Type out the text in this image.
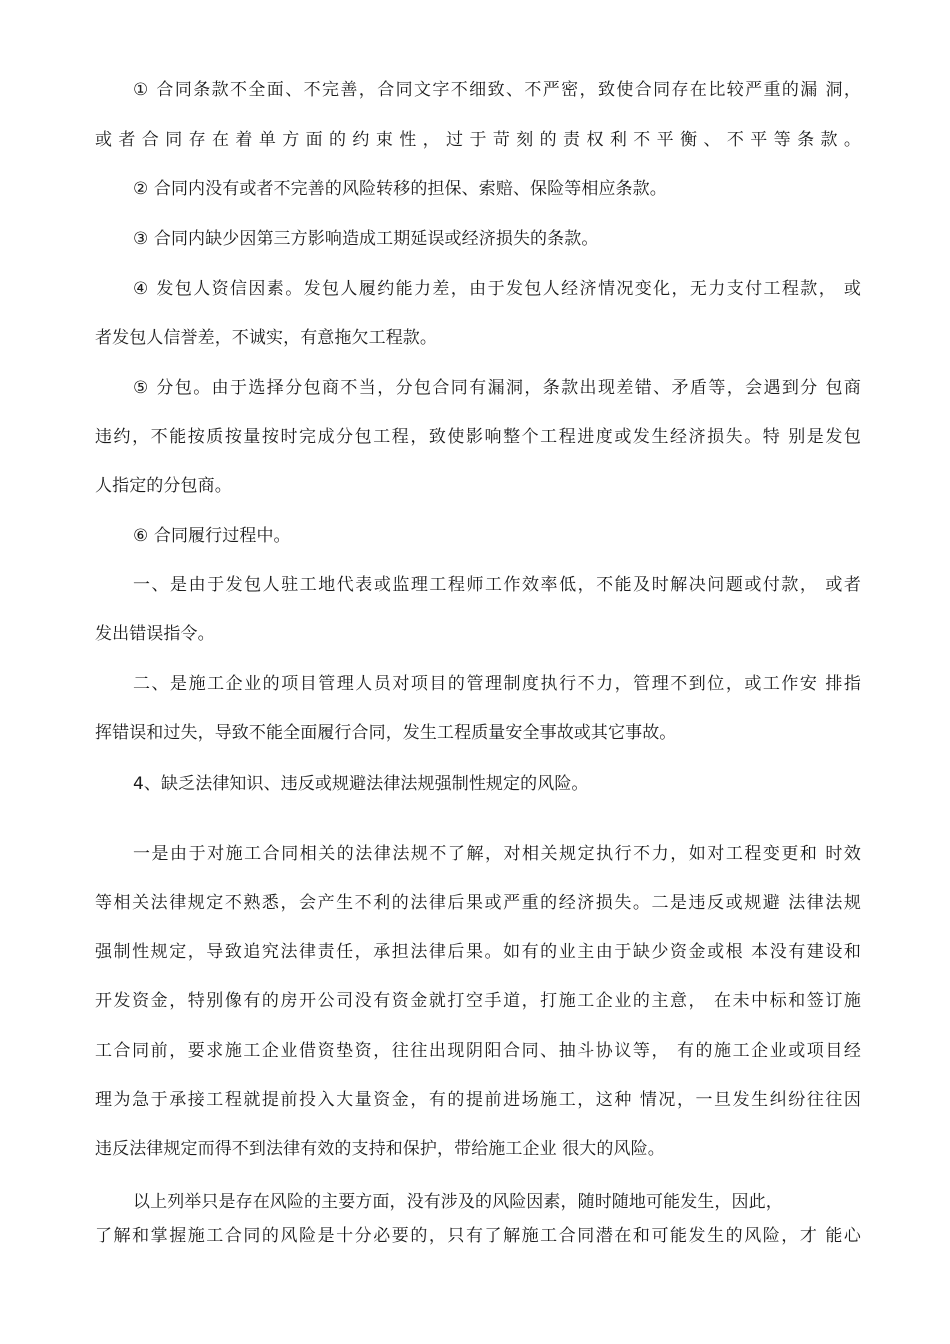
① 合同条款不全面、不完善，合同文字不细致、不严密，致使合同存在比较严重的漏 洞，
或者合同存在着单方面的约束性，过于苛刻的责权利不平衡、不平等条款。
② 合同内没有或者不完善的风险转移的担保、索赔、保险等相应条款。
③ 合同内缺少因第三方影响造成工期延误或经济损失的条款。
④ 发包人资信因素。发包人履约能力差，由于发包人经济情况变化，无力支付工程款， 或
者发包人信誉差，不诚实，有意拖欠工程款。
⑤ 分包。由于选择分包商不当，分包合同有漏洞，条款出现差错、矛盾等，会遇到分 包商
违约，不能按质按量按时完成分包工程，致使影响整个工程进度或发生经济损失。特 别是发包
人指定的分包商。
⑥ 合同履行过程中。
一、是由于发包人驻工地代表或监理工程师工作效率低，不能及时解决问题或付款， 或者
发出错误指令。
二、是施工企业的项目管理人员对项目的管理制度执行不力，管理不到位，或工作安 排指
挥错误和过失，导致不能全面履行合同，发生工程质量安全事故或其它事故。
4、缺乏法律知识、违反或规避法律法规强制性规定的风险。
一是由于对施工合同相关的法律法规不了解，对相关规定执行不力，如对工程变更和 时效
等相关法律规定不熟悉，会产生不利的法律后果或严重的经济损失。二是违反或规避 法律法规
强制性规定，导致追究法律责任，承担法律后果。如有的业主由于缺少资金或根 本没有建设和
开发资金，特别像有的房开公司没有资金就打空手道，打施工企业的主意， 在未中标和签订施
工合同前，要求施工企业借资垫资，往往出现阴阳合同、抽斗协议等， 有的施工企业或项目经
理为急于承接工程就提前投入大量资金，有的提前进场施工，这种 情况，一旦发生纠纷往往因
违反法律规定而得不到法律有效的支持和保护，带给施工企业 很大的风险。
以上列举只是存在风险的主要方面，没有涉及的风险因素，随时随地可能发生，因此，
了解和掌握施工合同的风险是十分必要的，只有了解施工合同潜在和可能发生的风险，才 能心
